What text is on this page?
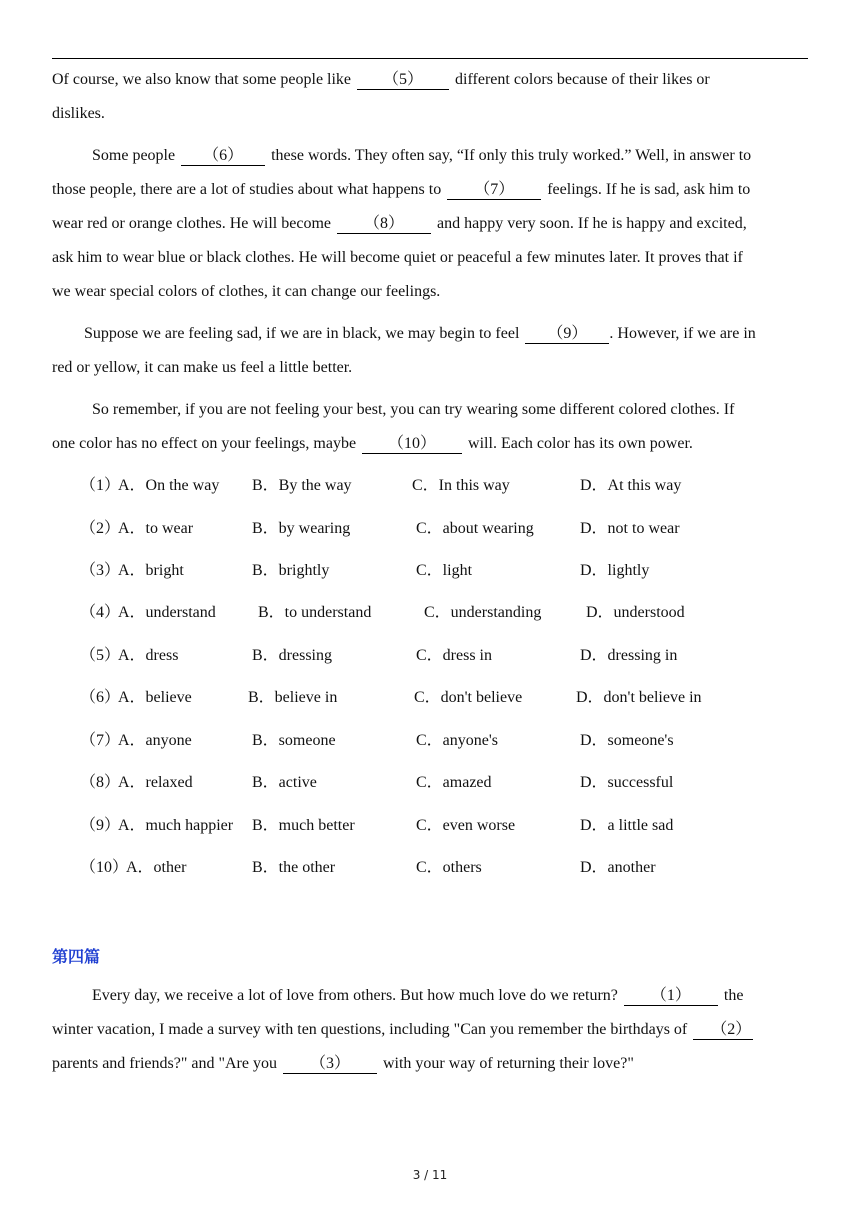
Of course, we also know that some people like （5） different colors because of their likes or
dislikes.
Some people （6） these words. They often say, “If only this truly worked.” Well, in answer to
those people, there are a lot of studies about what happens to （7） feelings. If he is sad, ask him to
wear red or orange clothes. He will become （8） and happy very soon. If he is happy and excited,
ask him to wear blue or black clothes. He will become quiet or peaceful a few minutes later. It proves that if
we wear special colors of clothes, it can change our feelings.
Suppose we are feeling sad, if we are in black, we may begin to feel （9） . However, if we are in
red or yellow, it can make us feel a little better.
So remember, if you are not feeling your best, you can try wearing some different colored clothes. If
one color has no effect on your feelings, maybe （10） will. Each color has its own power.
（1）
A．On the way B．By the way	C．In this way	D．At this way
（2）
A．to wear	B．by wearing	C．about wearing	D．not to wear
（3）
A．bright	B．brightly	C．light	D．lightly
（4）
A．understand	B．to understand	C．understanding	D．understood
（5）
A．dress	B．dressing	C．dress in	D．dressing in
（6）
A．believe	B．believe in	C．don't believe	D．don't believe in
（7）
A．anyone	B．someone	C．anyone's	D．someone's
（8）
A．relaxed	B．active	C．amazed	D．successful
（9）
A．much happier B．much better	C．even worse	D．a little sad
（10）
A．other	B．the other	C．others	D．another
第四篇
Every day, we receive a lot of love from others. But how much love do we return? （1） the
winter vacation, I made a survey with ten questions, including "Can you remember the birthdays of （2）
parents and friends?" and "Are you （3） with your way of returning their love?"
3 / 11
